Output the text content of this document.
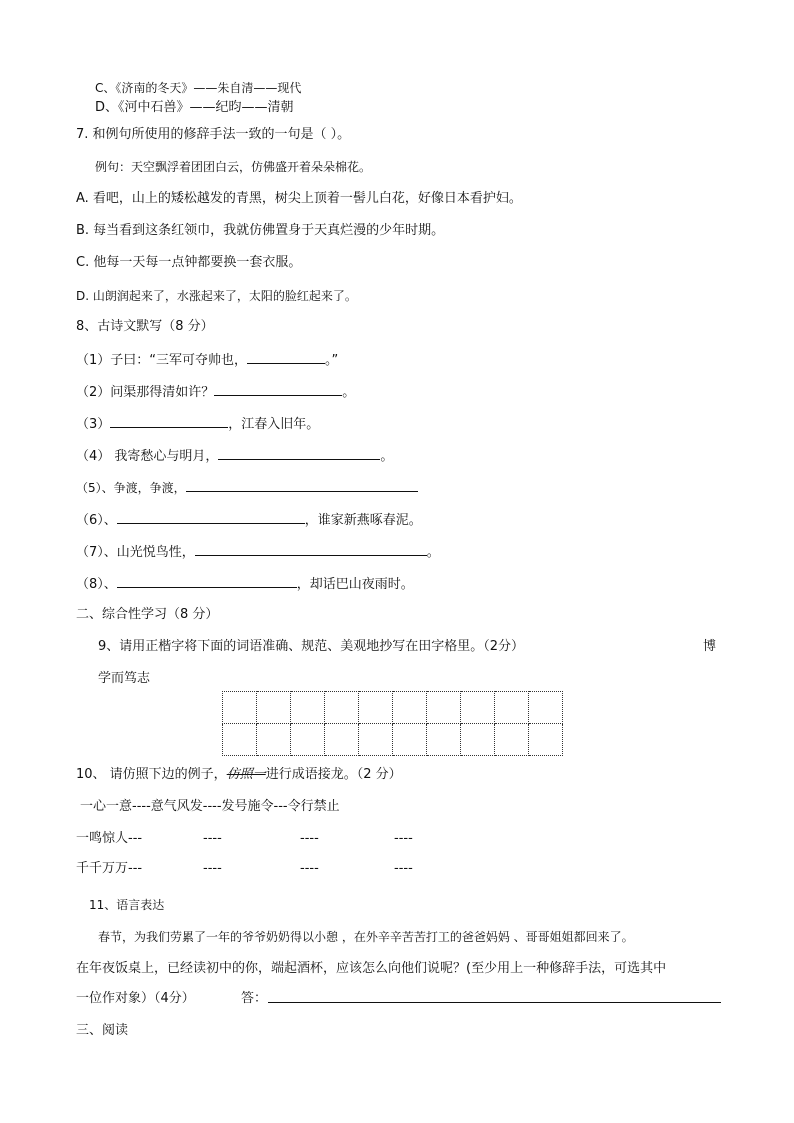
C、《济南的冬天》——朱自清——现代
D、《河中石兽》——纪昀——清朝
7. 和例句所使用的修辞手法一致的一句是（ ）。
例句：天空飘浮着团团白云，仿佛盛开着朵朵棉花。
A. 看吧，山上的矮松越发的青黑，树尖上顶着一髻儿白花，好像日本看护妇。
B. 每当看到这条红领巾，我就仿佛置身于天真烂漫的少年时期。
C. 他每一天每一点钟都要换一套衣服。
D. 山朗润起来了，水涨起来了，太阳的脸红起来了。
8、古诗文默写（8 分）
（1）子曰：“三军可夺帅也，	。”
（2）问渠那得清如许？	。
（3）	，江春入旧年。
（4） 我寄愁心与明月，	。
（5）、争渡，争渡，
（6）、	，谁家新燕啄春泥。
（7）、山光悦鸟性，	。
（8）、	，却话巴山夜雨时。
二、综合性学习（8 分）
9、请用正楷字将下面的词语准确、规范、美观地抄写在田字格里。（2分）	博
学而笃志

10、 请仿照下边的例子，仿照一进行成语接龙。（2 分）
一心一意----意气风发----发号施令---令行禁止
一鸣惊人---	----	----	----
千千万万---	----	----	----
11、语言表达
春节，为我们劳累了一年的爷爷奶奶得以小憩 ，在外辛辛苦苦打工的爸爸妈妈 、哥哥姐姐都回来了。
在年夜饭桌上，已经读初中的你，端起酒杯，应该怎么向他们说呢？(至少用上一种修辞手法，可选其中
一位作对象）（4分）	答：
三、阅读
